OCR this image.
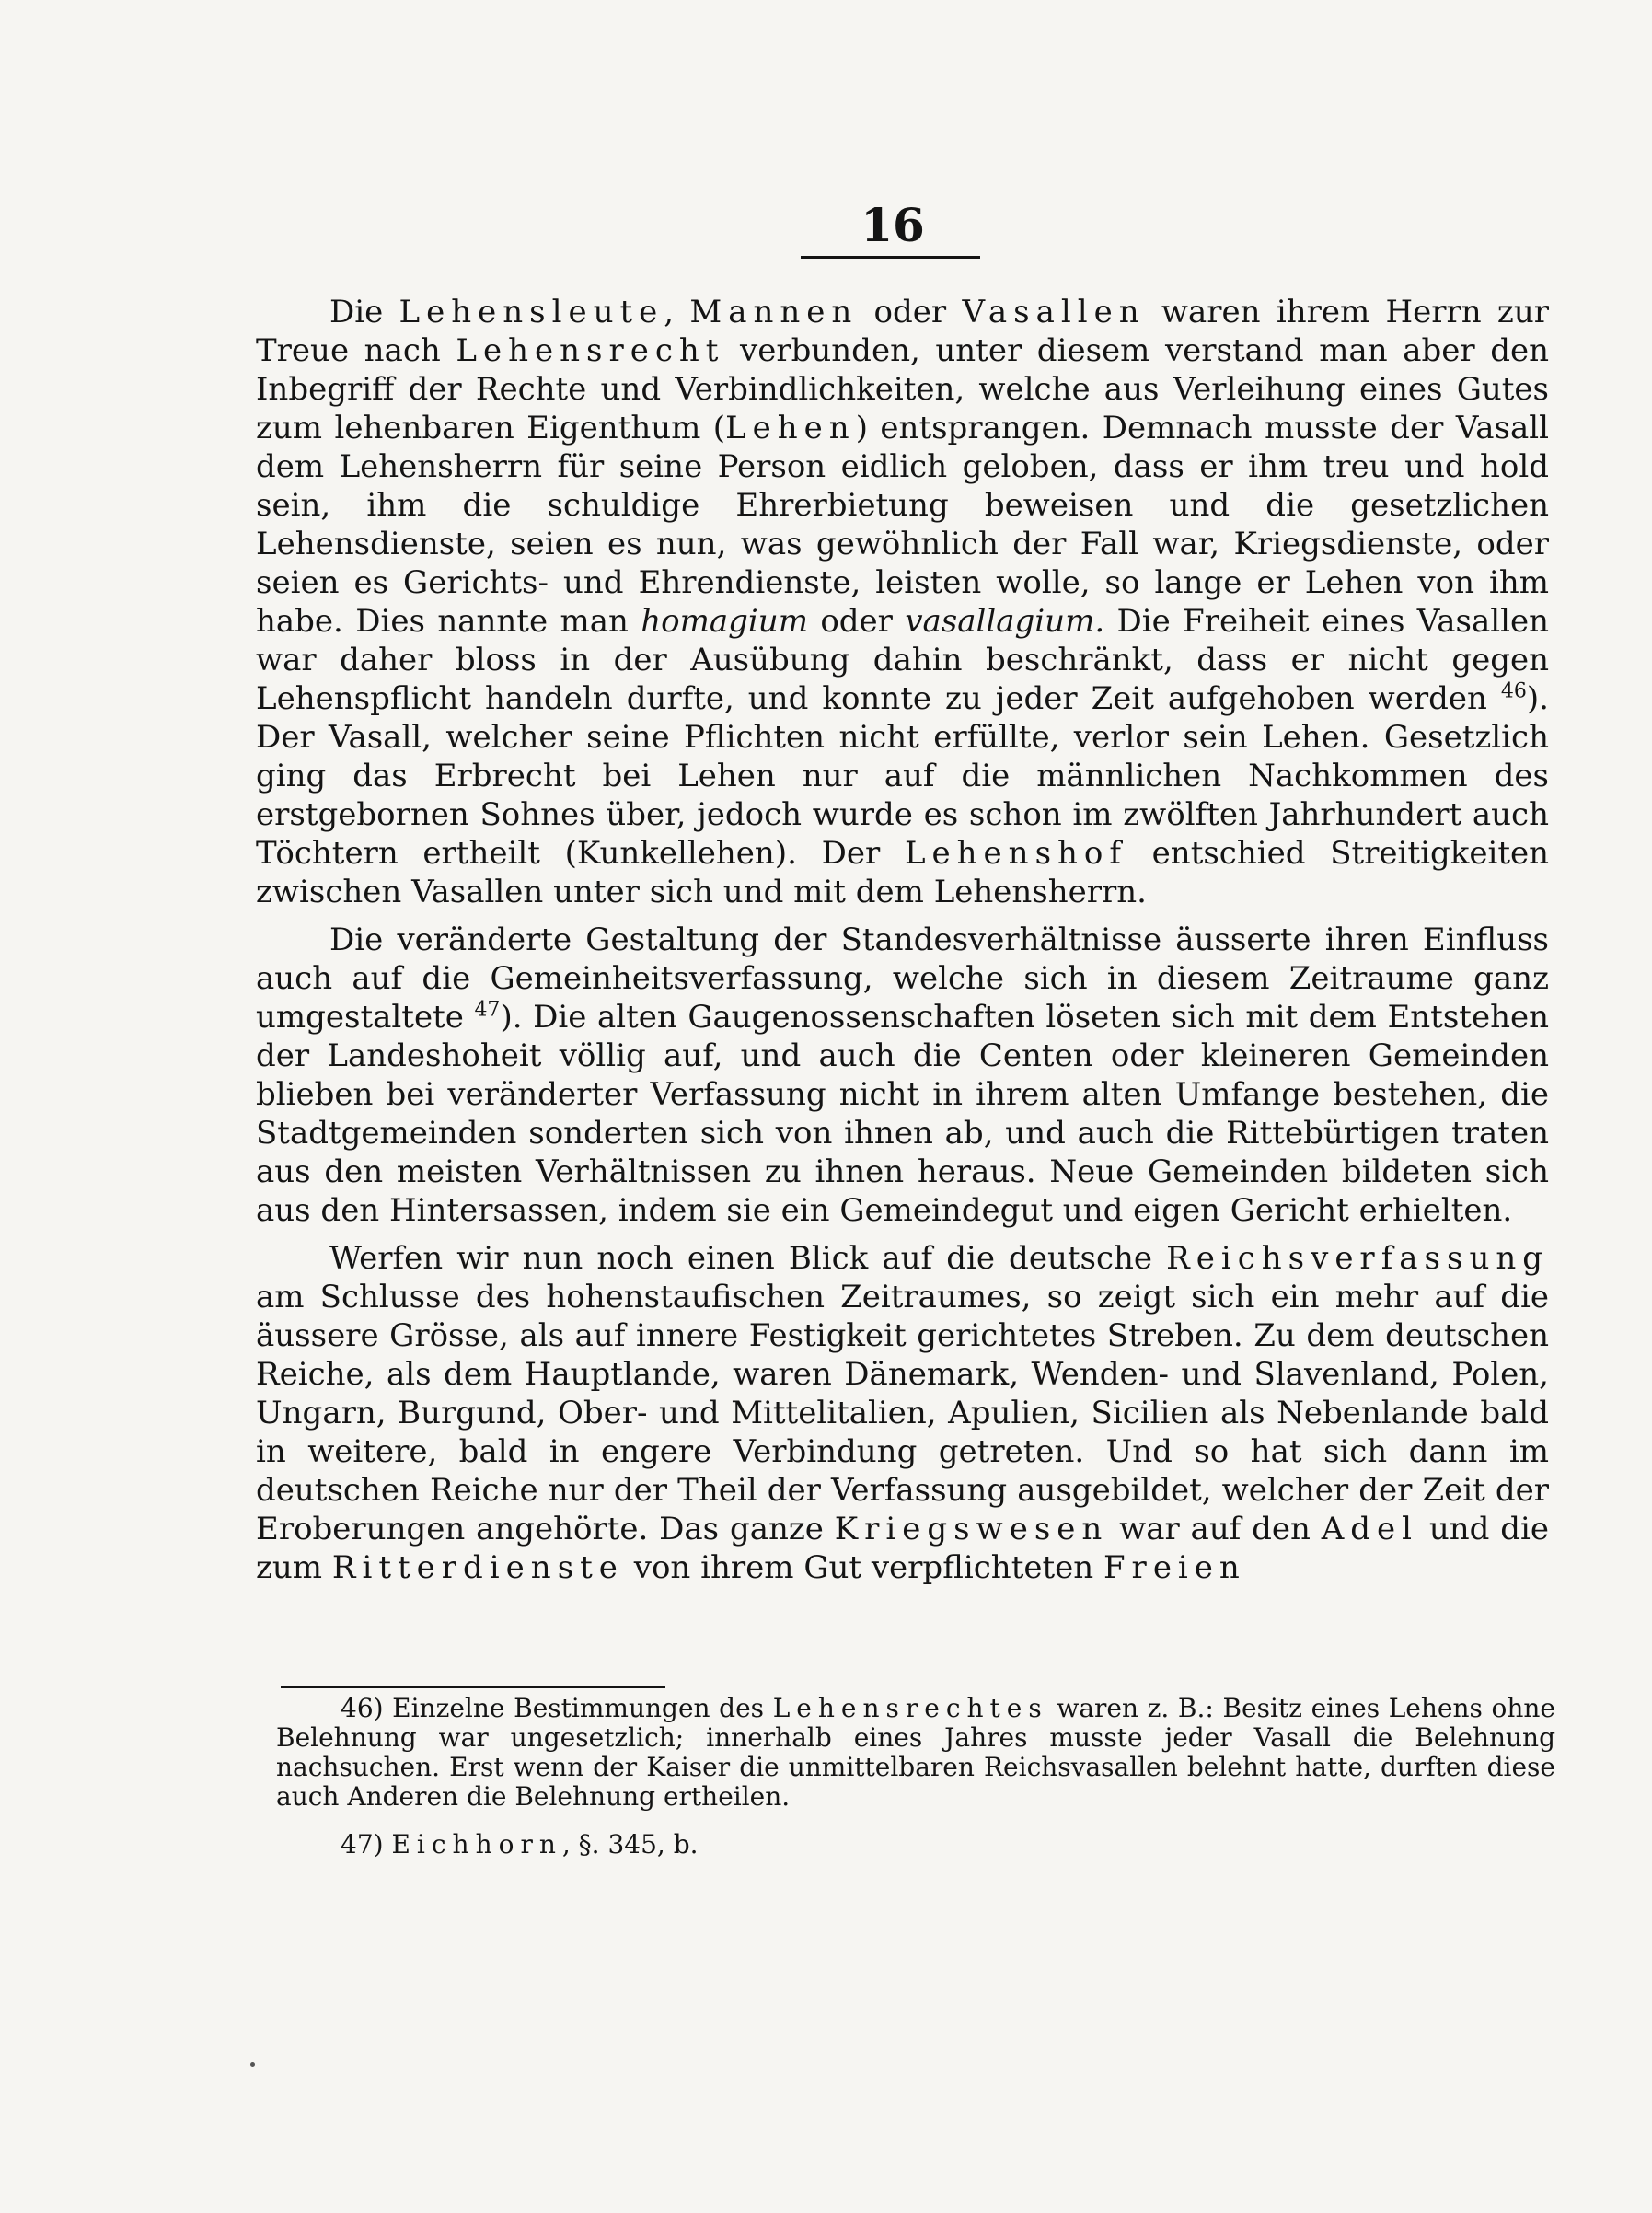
16

Die Lehensleute, Mannen oder Vasallen waren ihrem Herrn zur Treue nach Lehensrecht verbunden, unter diesem verstand man aber den Inbegriff der Rechte und Verbindlichkeiten, welche aus Verleihung eines Gutes zum lehenbaren Eigenthum (Lehen) entsprangen. Demnach musste der Vasall dem Lehensherrn für seine Person eidlich geloben, dass er ihm treu und hold sein, ihm die schuldige Ehrerbietung beweisen und die gesetzlichen Lehensdienste, seien es nun, was gewöhnlich der Fall war, Kriegsdienste, oder seien es Gerichts- und Ehrendienste, leisten wolle, so lange er Lehen von ihm habe. Dies nannte man homagium oder vasallagium. Die Freiheit eines Vasallen war daher bloss in der Ausübung dahin beschränkt, dass er nicht gegen Lehenspflicht handeln durfte, und konnte zu jeder Zeit aufgehoben werden $^{46}$). Der Vasall, welcher seine Pflichten nicht erfüllte, verlor sein Lehen. Gesetzlich ging das Erbrecht bei Lehen nur auf die männlichen Nachkommen des erstgebornen Sohnes über, jedoch wurde es schon im zwölften Jahrhundert auch Töchtern ertheilt (Kunkellehen). Der Lehenshof entschied Streitigkeiten zwischen Vasallen unter sich und mit dem Lehensherrn.

Die veränderte Gestaltung der Standesverhältnisse äusserte ihren Einfluss auch auf die Gemeinheitsverfassung, welche sich in diesem Zeitraume ganz umgestaltete $^{47}$). Die alten Gaugenossenschaften löseten sich mit dem Entstehen der Landeshoheit völlig auf, und auch die Centen oder kleineren Gemeinden blieben bei veränderter Verfassung nicht in ihrem alten Umfange bestehen, die Stadtgemeinden sonderten sich von ihnen ab, und auch die Rittebürtigen traten aus den meisten Verhältnissen zu ihnen heraus. Neue Gemeinden bildeten sich aus den Hintersassen, indem sie ein Gemeindegut und eigen Gericht erhielten.

Werfen wir nun noch einen Blick auf die deutsche Reichsverfassung am Schlusse des hohenstaufischen Zeitraumes, so zeigt sich ein mehr auf die äussere Grösse, als auf innere Festigkeit gerichtetes Streben. Zu dem deutschen Reiche, als dem Hauptlande, waren Dänemark, Wenden- und Slavenland, Polen, Ungarn, Burgund, Ober- und Mittelitalien, Apulien, Sicilien als Nebenlande bald in weitere, bald in engere Verbindung getreten. Und so hat sich dann im deutschen Reiche nur der Theil der Verfassung ausgebildet, welcher der Zeit der Eroberungen angehörte. Das ganze Kriegswesen war auf den Adel und die zum Ritterdienste von ihrem Gut verpflichteten Freien

46) Einzelne Bestimmungen des Lehensrechtes waren z. B.: Besitz eines Lehens ohne Belehnung war ungesetzlich; innerhalb eines Jahres musste jeder Vasall die Belehnung nachsuchen. Erst wenn der Kaiser die unmittelbaren Reichsvasallen belehnt hatte, durften diese auch Anderen die Belehnung ertheilen.

47) Eichhorn, §. 345, b.
